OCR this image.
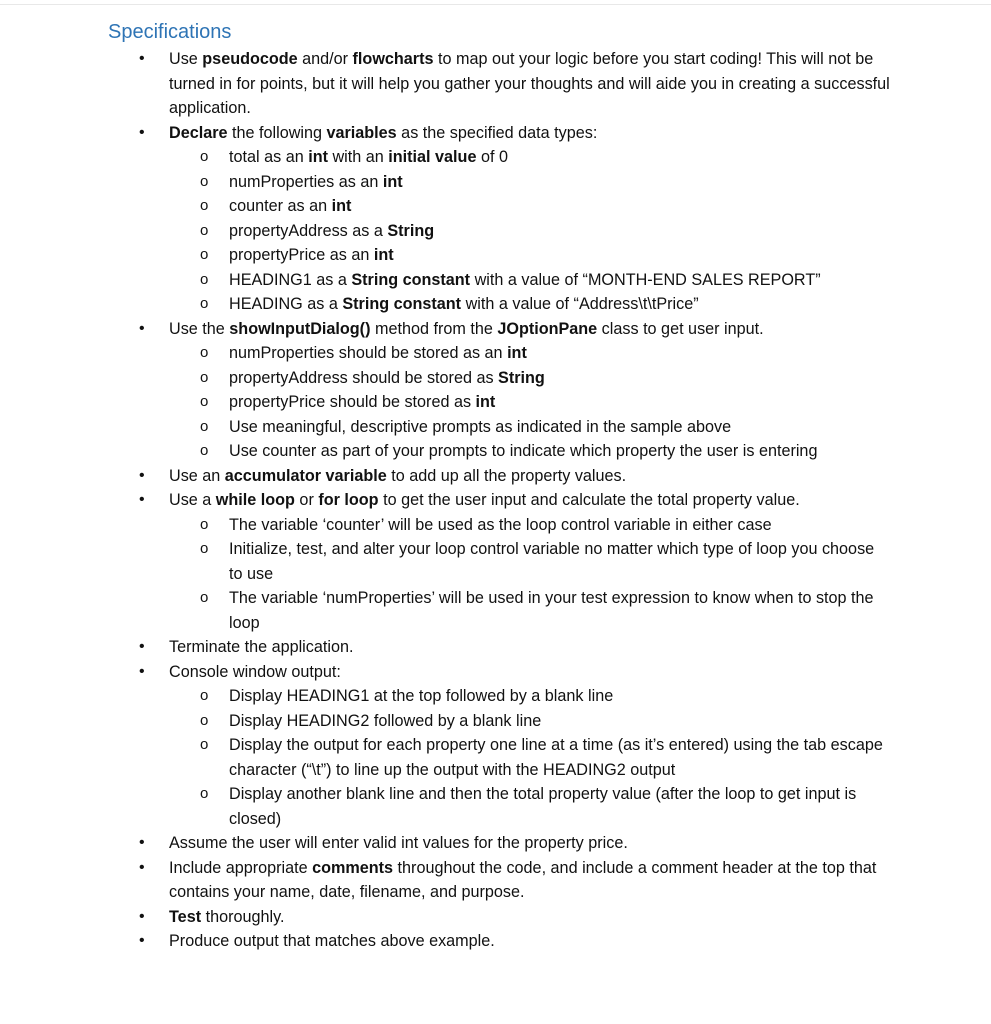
Specifications
•	Use pseudocode and/or flowcharts to map out your logic before you start coding! This will not be turned in for points, but it will help you gather your thoughts and will aide you in creating a successful application.
•	Declare the following variables as the specified data types:
o total as an int with an initial value of 0
o numProperties as an int
o counter as an int
o propertyAddress as a String
o propertyPrice as an int
o HEADING1 as a String constant with a value of “MONTH-END SALES REPORT”
o HEADING as a String constant with a value of “Address\t\tPrice”
•	Use the showInputDialog() method from the JOptionPane class to get user input.
o numProperties should be stored as an int
o propertyAddress should be stored as String
o propertyPrice should be stored as int
o Use meaningful, descriptive prompts as indicated in the sample above
o Use counter as part of your prompts to indicate which property the user is entering
•	Use an accumulator variable to add up all the property values.
•	Use a while loop or for loop to get the user input and calculate the total property value.
o The variable ‘counter’ will be used as the loop control variable in either case
o Initialize, test, and alter your loop control variable no matter which type of loop you choose to use
o The variable ‘numProperties’ will be used in your test expression to know when to stop the loop
•	Terminate the application.
•	Console window output:
o Display HEADING1 at the top followed by a blank line
o Display HEADING2 followed by a blank line
o Display the output for each property one line at a time (as it’s entered) using the tab escape character (“\t”) to line up the output with the HEADING2 output
o Display another blank line and then the total property value (after the loop to get input is closed)
•	Assume the user will enter valid int values for the property price.
•	Include appropriate comments throughout the code, and include a comment header at the top that contains your name, date, filename, and purpose.
•	Test thoroughly.
•	Produce output that matches above example.
